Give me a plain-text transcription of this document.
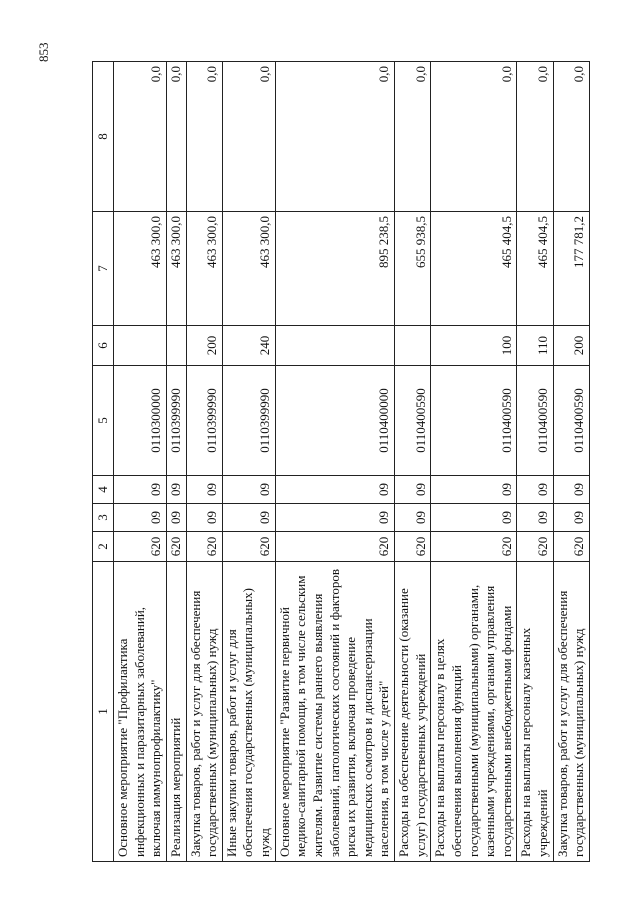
853
1	2	3	4	5	6	7	8
Основное мероприятие "Профилактика инфекционных и паразитарных заболеваний, включая иммунопрофилактику"	620	09	09	0110300000		463 300,0	0,0
Реализация мероприятий	620	09	09	0110399990		463 300,0	0,0
Закупка товаров, работ и услуг для обеспечения государственных (муниципальных) нужд	620	09	09	0110399990	200	463 300,0	0,0
Иные закупки товаров, работ и услуг для обеспечения государственных (муниципальных) нужд	620	09	09	0110399990	240	463 300,0	0,0
Основное мероприятие "Развитие первичной медико-санитарной помощи, в том числе сельским жителям. Развитие системы раннего выявления заболеваний, патологических состояний и факторов риска их развития, включая проведение медицинских осмотров и диспансеризации населения, в том числе у детей"	620	09	09	0110400000		895 238,5	0,0
Расходы на обеспечение деятельности (оказание услуг) государственных учреждений	620	09	09	0110400590		655 938,5	0,0
Расходы на выплаты персоналу в целях обеспечения выполнения функций государственными (муниципальными) органами, казенными учреждениями, органами управления государственными внебюджетными фондами	620	09	09	0110400590	100	465 404,5	0,0
Расходы на выплаты персоналу казенных учреждений	620	09	09	0110400590	110	465 404,5	0,0
Закупка товаров, работ и услуг для обеспечения государственных (муниципальных) нужд	620	09	09	0110400590	200	177 781,2	0,0
